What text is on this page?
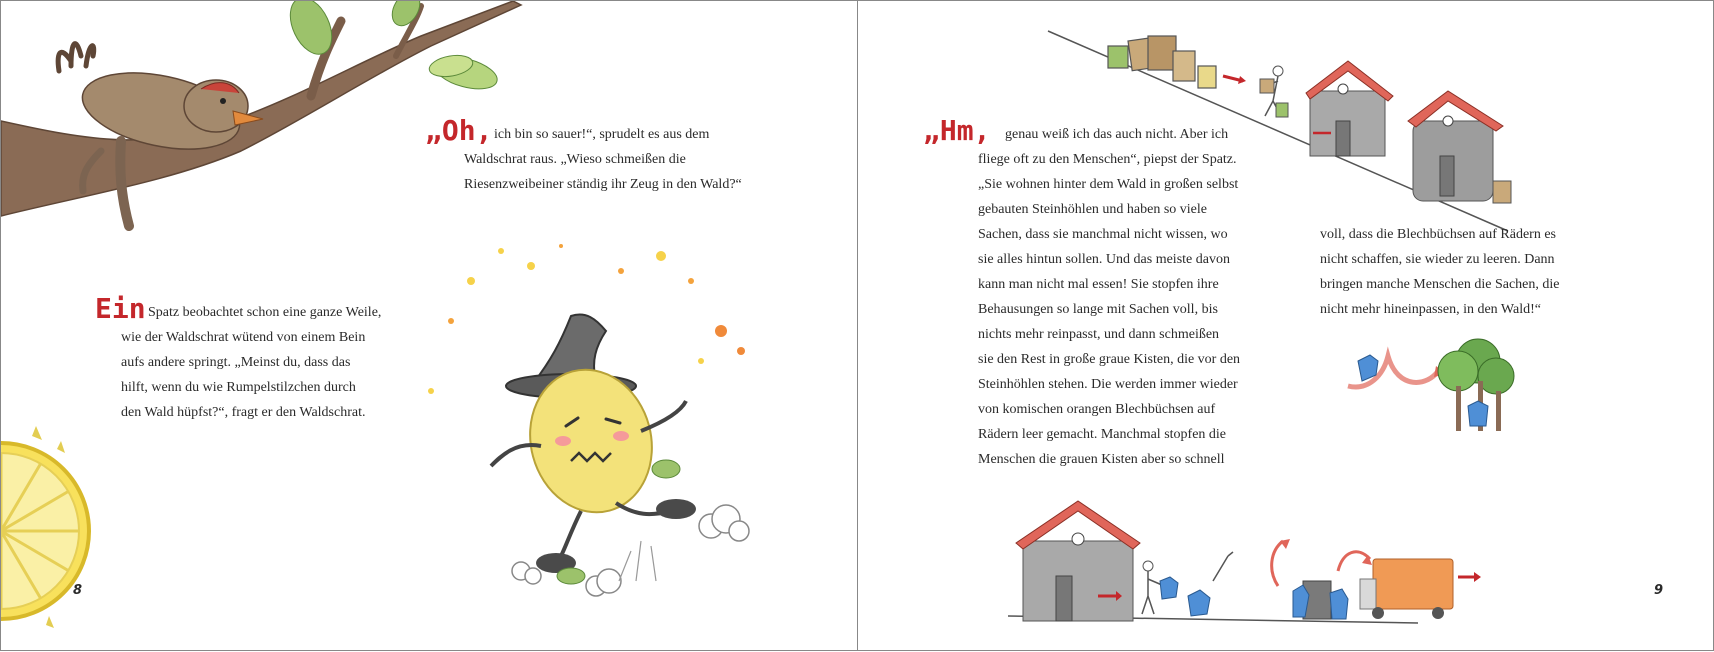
„Oh, ich bin so sauer!“, sprudelt es aus dem
Waldschrat raus. „Wieso schmeißen die
Riesenzweibeiner ständig ihr Zeug in den Wald?“
Ein Spatz beobachtet schon eine ganze Weile,
wie der Waldschrat wütend von einem Bein
aufs andere springt. „Meinst du, dass das
hilft, wenn du wie Rumpelstilzchen durch
den Wald hüpfst?“, fragt er den Waldschrat.
8
„Hm, genau weiß ich das auch nicht. Aber ich
fliege oft zu den Menschen“, piepst der Spatz.
„Sie wohnen hinter dem Wald in großen selbst
gebauten Steinhöhlen und haben so viele
Sachen, dass sie manchmal nicht wissen, wo
sie alles hintun sollen. Und das meiste davon
kann man nicht mal essen! Sie stopfen ihre
Behausungen so lange mit Sachen voll, bis
nichts mehr reinpasst, und dann schmeißen
sie den Rest in große graue Kisten, die vor den
Steinhöhlen stehen. Die werden immer wieder
von komischen orangen Blechbüchsen auf
Rädern leer gemacht. Manchmal stopfen die
Menschen die grauen Kisten aber so schnell
voll, dass die Blechbüchsen auf Rädern es
nicht schaffen, sie wieder zu leeren. Dann
bringen manche Menschen die Sachen, die
nicht mehr hineinpassen, in den Wald!“
9
